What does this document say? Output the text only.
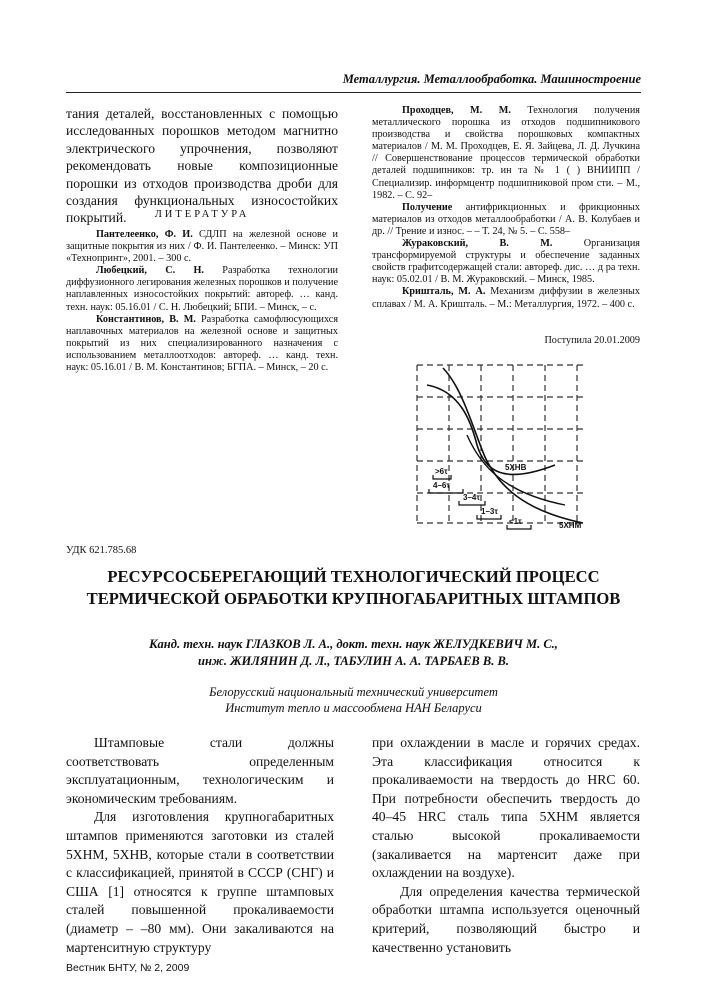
Металлургия. Металлообработка. Машиностроение

тания деталей, восстановленных с помощью исследованных порошков методом магнитно электрического упрочнения, позволяют рекомендовать новые композиционные порошки из отходов производства дроби для создания функциональных износостойких покрытий.	ЛИТЕРАТУРА

Пантелеенко, Ф. И. СДЛП на железной основе и защитные покрытия из них / Ф. И. Пантелеенко. – Минск: УП «Технопринт», 2001. – 300 с.

Любецкий, С. Н. Разработка технологии диффузионного легирования железных порошков и получение наплавленных износостойких покрытий: автореф. … канд. техн. наук: 05.16.01 / С. Н. Любецкий; БПИ. – Минск, – с.

Константинов, В. М. Разработка самофлюсующихся наплавочных материалов на железной основе и защитных покрытий из них специализированного назначения с использованием металлоотходов: автореф. … канд. техн. наук: 05.16.01 / В. М. Константинов; БГПА. – Минск, – 20 с.

Проходцев, М. М. Технология получения металлического порошка из отходов подшипникового производства и свойства порошковых компактных материалов / М. М. Проходцев, Е. Я. Зайцева, Л. Д. Лучкина // Совершенствование процессов термической обработки деталей подшипников: тр. ин та № 1 ( ) ВНИИПП / Специализир. информцентр подшипниковой пром сти. – М., 1982. – С. 92–

Получение антифрикционных и фрикционных материалов из отходов металлообработки / А. В. Колубаев и др. // Трение и износ. – – Т. 24, № 5. – С. 558–

Жураковский, В. М. Организация трансформируемой структуры и обеспечение заданных свойств графитсодержащей стали: автореф. дис. … д ра техн. наук: 05.02.01 / В. М. Жураковский. – Минск, 1985.

Кришталь, М. А. Механизм диффузии в железных сплавах / М. А. Кришталь. – М.: Металлургия, 1972. – 400 с.

Поступила 20.01.2009
5ХНВ
5ХНМ
>6τ
4–6τ
3–4τ
1–3τ
<1τ
УДК 621.785.68
РЕСУРСОСБЕРЕГАЮЩИЙ ТЕХНОЛОГИЧЕСКИЙ ПРОЦЕСС
ТЕРМИЧЕСКОЙ ОБРАБОТКИ КРУПНОГАБАРИТНЫХ ШТАМПОВ
Канд. техн. наук ГЛАЗКОВ Л. А., докт. техн. наук ЖЕЛУДКЕВИЧ М. С.,
инж. ЖИЛЯНИН Д. Л., ТАБУЛИН А. А. ТАРБАЕВ В. В.
Белорусский национальный технический университет
Институт тепло и массообмена НАН Беларуси

Штамповые стали должны соответствовать определенным эксплуатационным, технологическим и экономическим требованиям.

Для изготовления крупногабаритных штампов применяются заготовки из сталей 5ХНМ, 5ХНВ, которые стали в соответствии с классификацией, принятой в СССР (СНГ) и США [1] относятся к группе штамповых сталей повышенной прокаливаемости (диаметр – –80 мм). Они закаливаются на мартенситную структуру

при охлаждении в масле и горячих средах. Эта классификация относится к прокаливаемости на твердость до HRC 60. При потребности обеспечить твердость до 40–45 HRC сталь типа 5ХНМ является сталью высокой прокаливаемости (закаливается на мартенсит даже при охлаждении на воздухе).

Для определения качества термической обработки штампа используется оценочный критерий, позволяющий быстро и качественно установить

Вестник БНТУ, № 2, 2009
